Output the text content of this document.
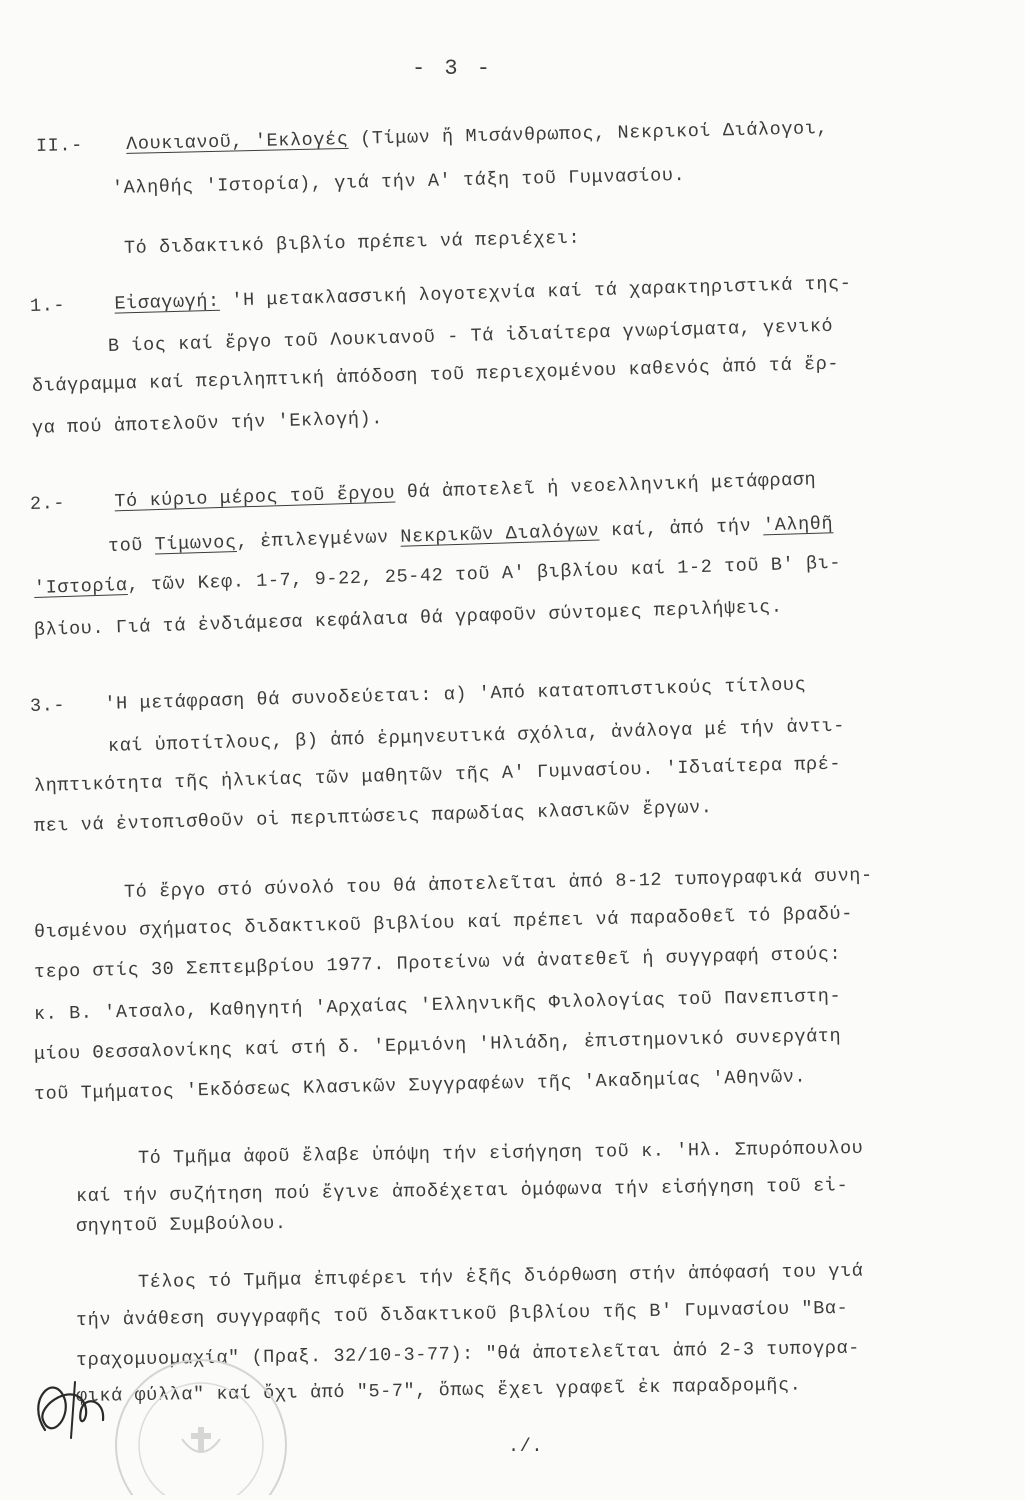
- 3 -
II.- Λουκιανοῦ, 'Εκλογές (Τίμων ἤ Μισάνθρωπος, Νεκρικοί Διάλογοι,
'Αληθής 'Ιστορία), γιά τήν Α' τάξη τοῦ Γυμνασίου.
Τό διδακτικό βιβλίο πρέπει νά περιέχει:
1.-	Εἰσαγωγή: 'Η μετακλασσική λογοτεχνία καί τά χαρακτηριστικά της-
Β ίος καί ἔργο τοῦ Λουκιανοῦ - Τά ἰδιαίτερα γνωρίσματα, γενικό
διάγραμμα καί περιληπτική ἀπόδοση τοῦ περιεχομένου καθενός ἀπό τά ἔρ-
γα πού ἀποτελοῦν τήν 'Εκλογή).
2.-	Τό κύριο μέρος τοῦ ἔργου θά ἀποτελεῖ ἡ νεοελληνική μετάφραση
τοῦ Τίμωνος, ἐπιλεγμένων Νεκρικῶν Διαλόγων καί, ἀπό τήν 'Αληθῆ
'Ιστορία, τῶν Κεφ. 1-7, 9-22, 25-42 τοῦ Α' βιβλίου καί 1-2 τοῦ Β' βι-
βλίου. Γιά τά ἐνδιάμεσα κεφάλαια θά γραφοῦν σύντομες περιλήψεις.
3.- 'Η μετάφραση θά συνοδεύεται: α) 'Από κατατοπιστικούς τίτλους
καί ὑποτίτλους, β) ἀπό ἑρμηνευτικά σχόλια, ἀνάλογα μέ τήν ἀντι-
ληπτικότητα τῆς ἡλικίας τῶν μαθητῶν τῆς Α' Γυμνασίου. 'Ιδιαίτερα πρέ-
πει νά ἐντοπισθοῦν οἱ περιπτώσεις παρωδίας κλασικῶν ἔργων.
Τό ἔργο στό σύνολό του θά ἀποτελεῖται ἀπό 8-12 τυπογραφικά συνη-
θισμένου σχήματος διδακτικοῦ βιβλίου καί πρέπει νά παραδοθεῖ τό βραδύ-
τερο στίς 30 Σεπτεμβρίου 1977. Προτείνω νά ἀνατεθεῖ ἡ συγγραφή στούς:
κ. Β. 'Ατσαλο, Καθηγητή 'Αρχαίας 'Ελληνικῆς Φιλολογίας τοῦ Πανεπιστη-
μίου Θεσσαλονίκης καί στή δ. 'Ερμιόνη 'Ηλιάδη, ἐπιστημονικό συνεργάτη
τοῦ Τμήματος 'Εκδόσεως Κλασικῶν Συγγραφέων τῆς 'Ακαδημίας 'Αθηνῶν.
Τό Τμῆμα ἀφοῦ ἔλαβε ὑπόψη τήν εἰσήγηση τοῦ κ. 'Ηλ. Σπυρόπουλου
καί τήν συζήτηση πού ἔγινε ἀποδέχεται ὁμόφωνα τήν εἰσήγηση τοῦ εἰ-
σηγητοῦ Συμβούλου.
Τέλος τό Τμῆμα ἐπιφέρει τήν ἑξῆς διόρθωση στήν ἀπόφασή του γιά
τήν ἀνάθεση συγγραφῆς τοῦ διδακτικοῦ βιβλίου τῆς Β' Γυμνασίου "Βα-
τραχομυομαχία" (Πραξ. 32/10-3-77): "θά ἀποτελεῖται ἀπό 2-3 τυπογρα-
φικά φύλλα" καί ὄχι ἀπό "5-7", ὅπως ἔχει γραφεῖ ἐκ παραδρομῆς.
./.
